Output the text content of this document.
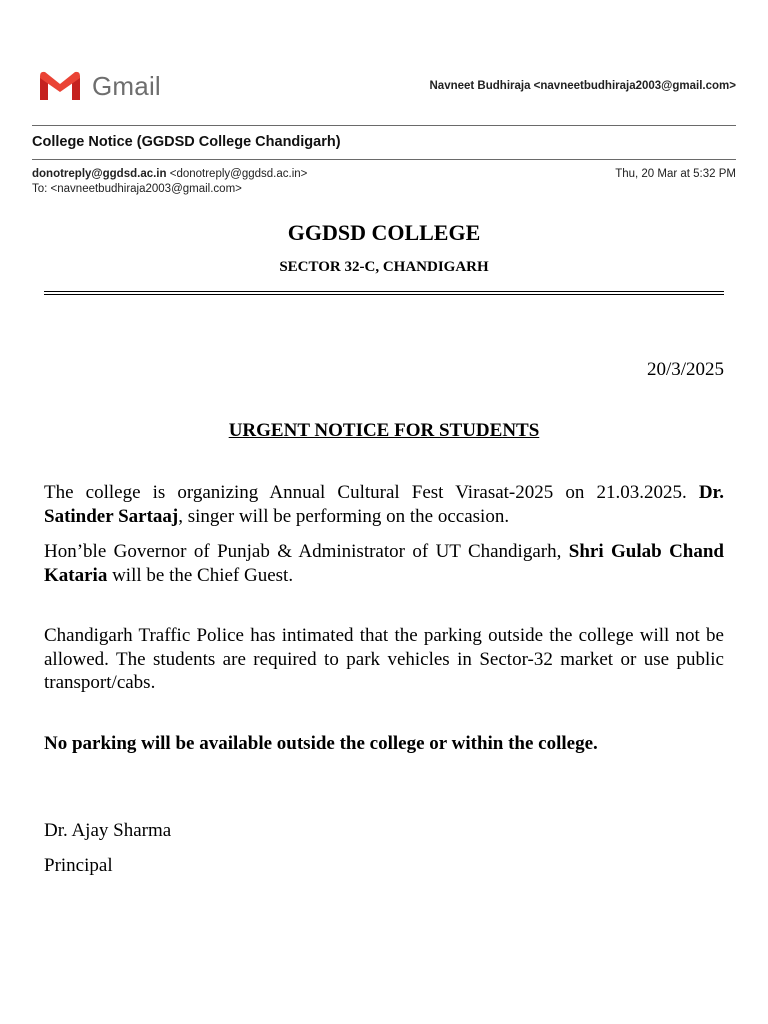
Gmail	Navneet Budhiraja <navneetbudhiraja2003@gmail.com>
College Notice (GGDSD College Chandigarh)
donotreply@ggdsd.ac.in <donotreply@ggdsd.ac.in>
To: <navneetbudhiraja2003@gmail.com>
Thu, 20 Mar at 5:32 PM
GGDSD COLLEGE
SECTOR 32-C, CHANDIGARH
20/3/2025
URGENT NOTICE FOR STUDENTS
The college is organizing Annual Cultural Fest Virasat-2025 on 21.03.2025. Dr. Satinder Sartaaj, singer will be performing on the occasion.
Hon’ble Governor of Punjab & Administrator of UT Chandigarh, Shri Gulab Chand Kataria will be the Chief Guest.
Chandigarh Traffic Police has intimated that the parking outside the college will not be allowed. The students are required to park vehicles in Sector-32 market or use public transport/cabs.
No parking will be available outside the college or within the college.
Dr. Ajay Sharma
Principal
